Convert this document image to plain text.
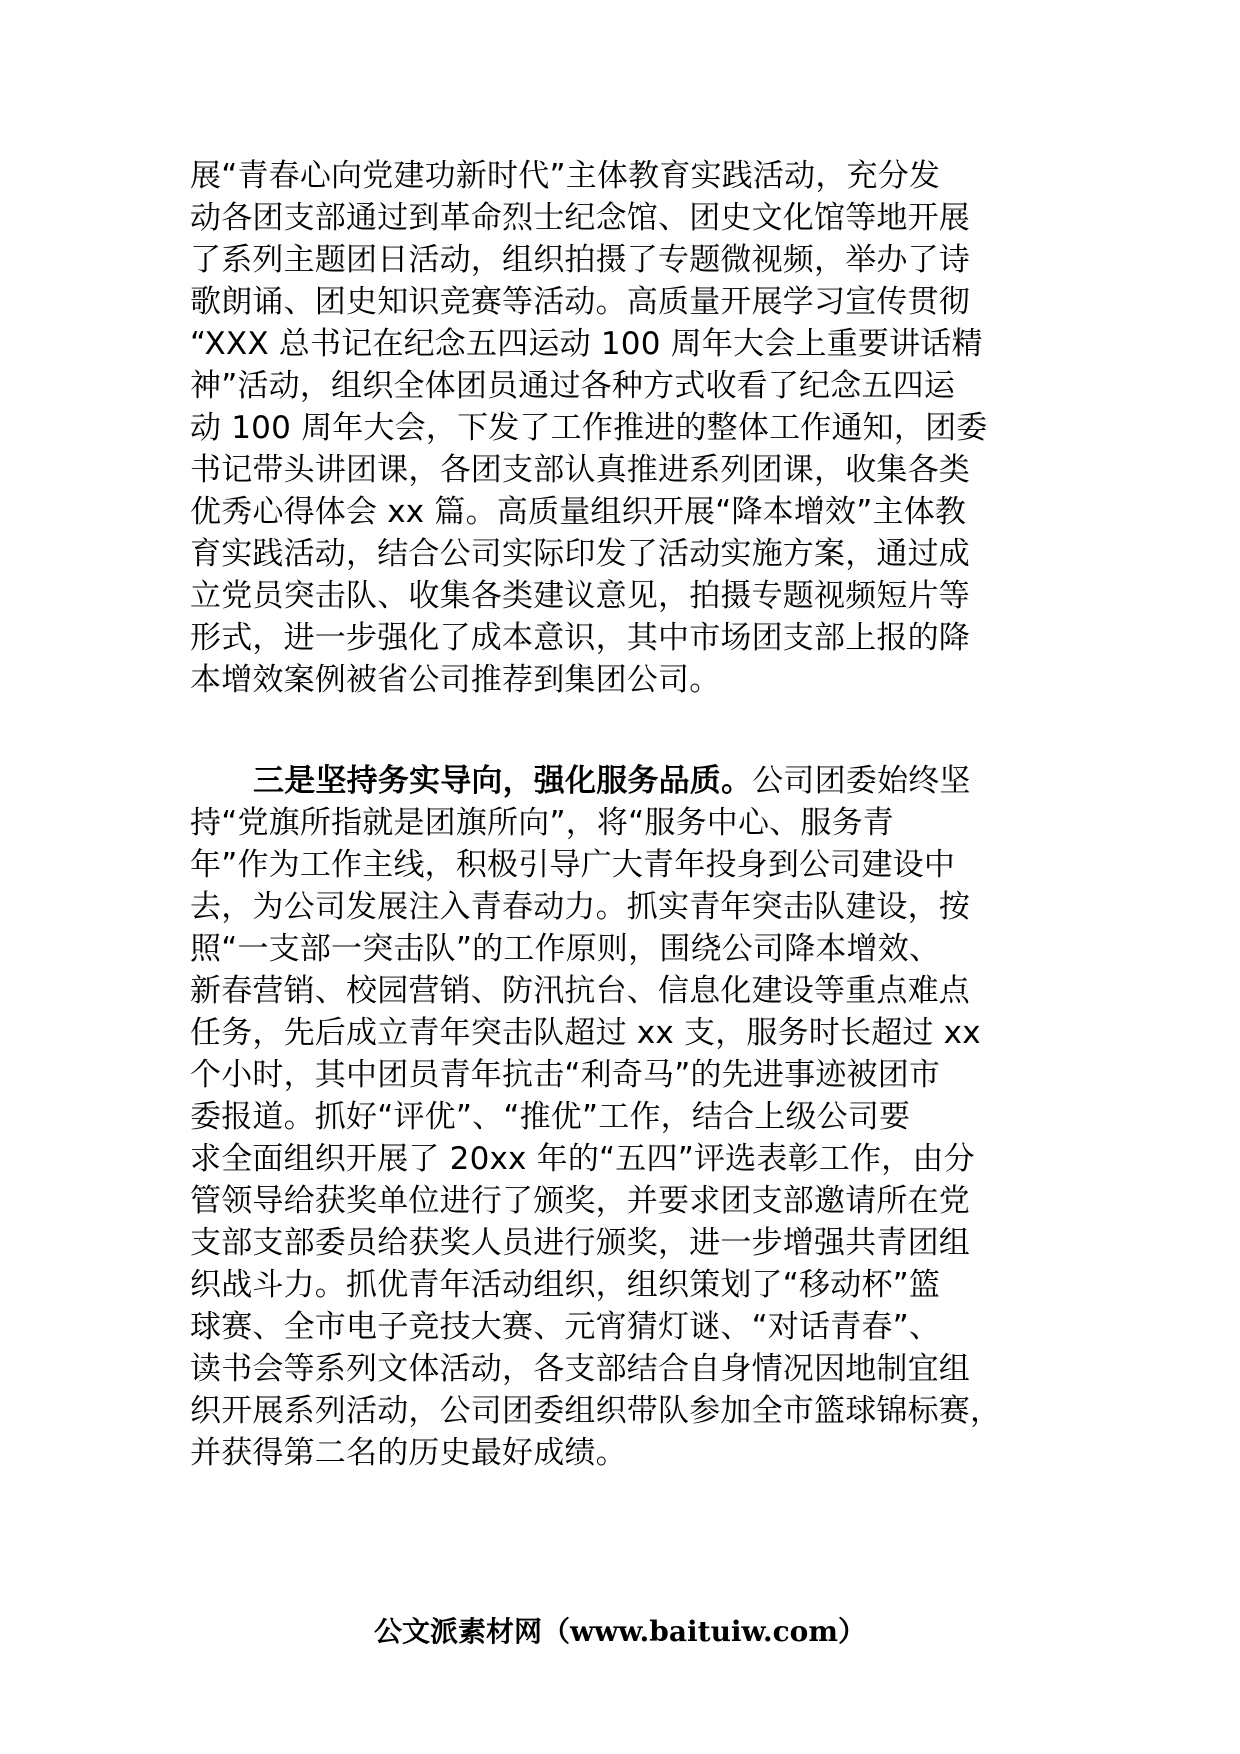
展“青春心向党建功新时代”主体教育实践活动，充分发

动各团支部通过到革命烈士纪念馆、团史文化馆等地开展

了系列主题团日活动，组织拍摄了专题微视频，举办了诗

歌朗诵、团史知识竞赛等活动。高质量开展学习宣传贯彻

“XXX 总书记在纪念五四运动 100 周年大会上重要讲话精

神”活动，组织全体团员通过各种方式收看了纪念五四运

动 100 周年大会，下发了工作推进的整体工作通知，团委

书记带头讲团课，各团支部认真推进系列团课，收集各类

优秀心得体会 xx 篇。高质量组织开展“降本增效”主体教

育实践活动，结合公司实际印发了活动实施方案，通过成

立党员突击队、收集各类建议意见，拍摄专题视频短片等

形式，进一步强化了成本意识，其中市场团支部上报的降

本增效案例被省公司推荐到集团公司。

三是坚持务实导向，强化服务品质。公司团委始终坚

持“党旗所指就是团旗所向”，将“服务中心、服务青

年”作为工作主线，积极引导广大青年投身到公司建设中

去，为公司发展注入青春动力。抓实青年突击队建设，按

照“一支部一突击队”的工作原则，围绕公司降本增效、

新春营销、校园营销、防汛抗台、信息化建设等重点难点

任务，先后成立青年突击队超过 xx 支，服务时长超过 xx

个小时，其中团员青年抗击“利奇马”的先进事迹被团市

委报道。抓好“评优”、“推优”工作，结合上级公司要

求全面组织开展了 20xx 年的“五四”评选表彰工作，由分

管领导给获奖单位进行了颁奖，并要求团支部邀请所在党

支部支部委员给获奖人员进行颁奖，进一步增强共青团组

织战斗力。抓优青年活动组织，组织策划了“移动杯”篮

球赛、全市电子竞技大赛、元宵猜灯谜、“对话青春”、

读书会等系列文体活动，各支部结合自身情况因地制宜组

织开展系列活动，公司团委组织带队参加全市篮球锦标赛，

并获得第二名的历史最好成绩。

公文派素材网（www.baituiw.com）
